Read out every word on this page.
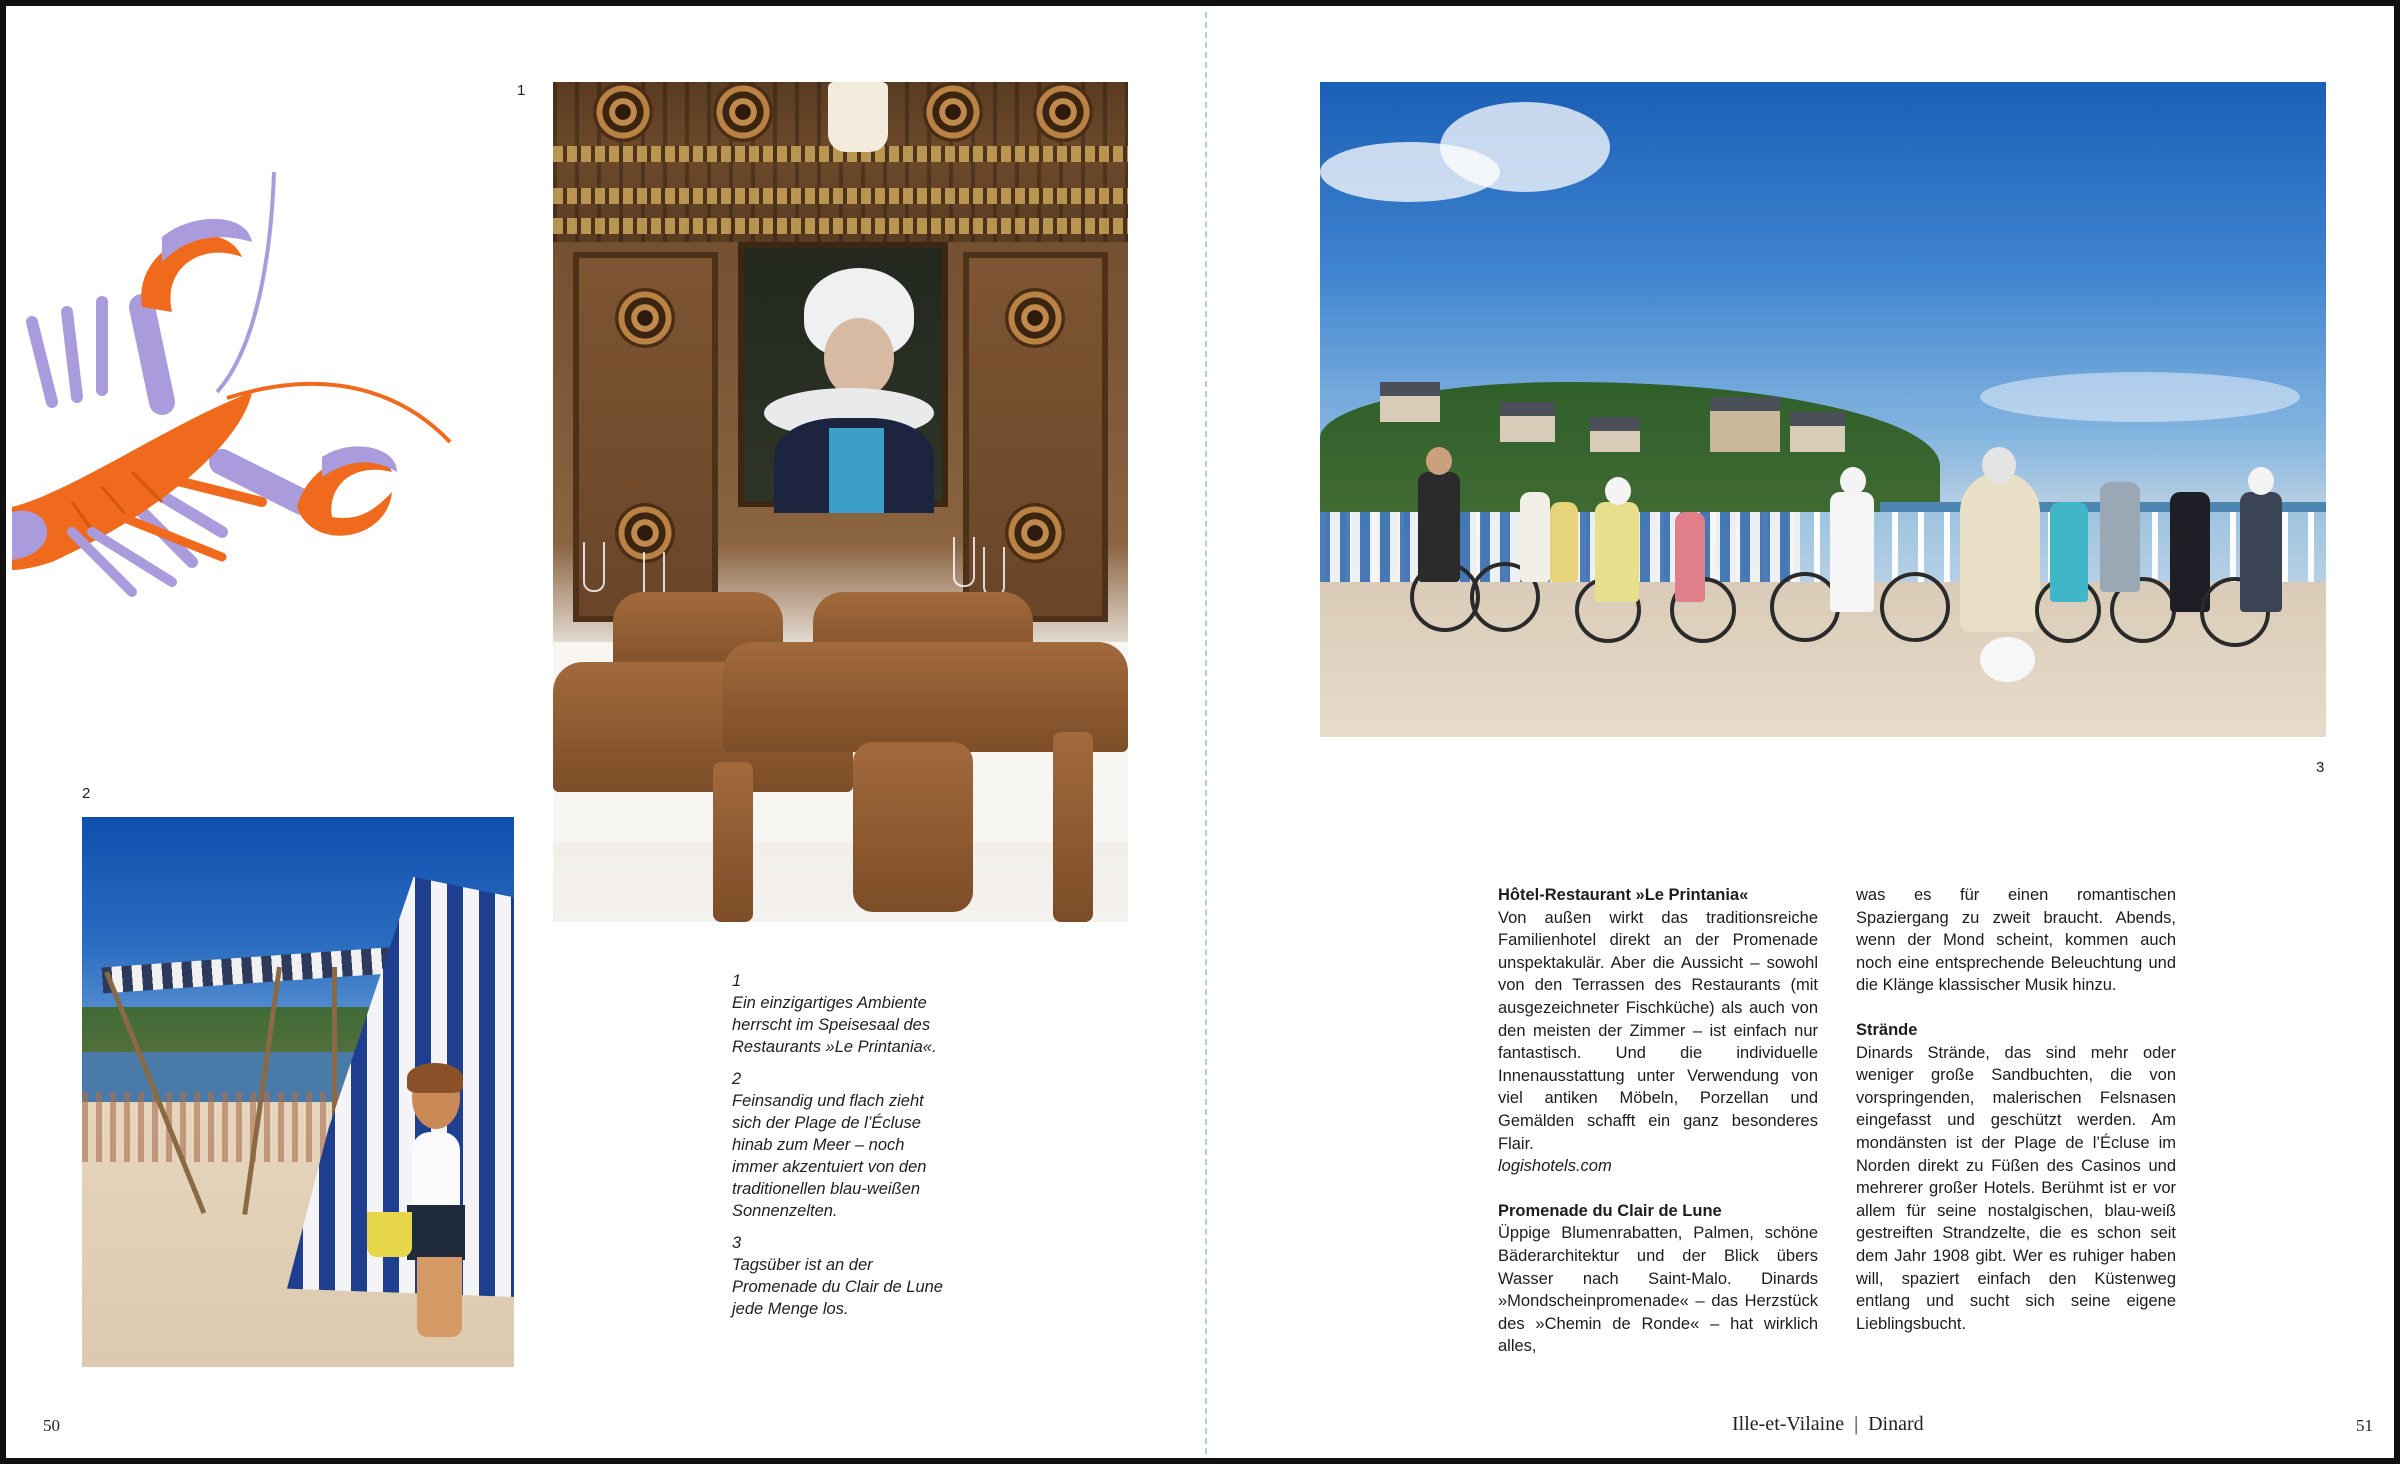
1
2
1
Ein einzigartiges Ambiente herrscht im Speisesaal des Restaurants »Le Printania«.
2
Feinsandig und flach zieht sich der Plage de l’Écluse hinab zum Meer – noch immer akzentuiert von den traditionellen blau-weißen Sonnenzelten.
3
Tagsüber ist an der Promenade du Clair de Lune jede Menge los.
50
3
Hôtel-Restaurant »Le Printania«
Von außen wirkt das traditionsreiche Familienhotel direkt an der Promenade unspektakulär. Aber die Aussicht – sowohl von den Terrassen des Restaurants (mit ausgezeichneter Fischküche) als auch von den meisten der Zimmer – ist einfach nur fantastisch. Und die individuelle Innenausstattung unter Verwendung von viel antiken Möbeln, Porzellan und Gemälden schafft ein ganz besonderes Flair.
logishotels.com
Promenade du Clair de Lune
Üppige Blumenrabatten, Palmen, schöne Bäderarchitektur und der Blick übers Wasser nach Saint-Malo. Dinards »Mondscheinpromenade« – das Herzstück des »Chemin de Ronde« – hat wirklich alles,
was es für einen romantischen Spaziergang zu zweit braucht. Abends, wenn der Mond scheint, kommen auch noch eine entsprechende Beleuchtung und die Klänge klassischer Musik hinzu.
Strände
Dinards Strände, das sind mehr oder weniger große Sandbuchten, die von vorspringenden, malerischen Felsnasen eingefasst und geschützt werden. Am mondänsten ist der Plage de l’Écluse im Norden direkt zu Füßen des Casinos und mehrerer großer Hotels. Berühmt ist er vor allem für seine nostalgischen, blau-weiß gestreiften Strandzelte, die es schon seit dem Jahr 1908 gibt. Wer es ruhiger haben will, spaziert einfach den Küstenweg entlang und sucht sich seine eigene Lieblingsbucht.
Ille-et-Vilaine | Dinard	51
